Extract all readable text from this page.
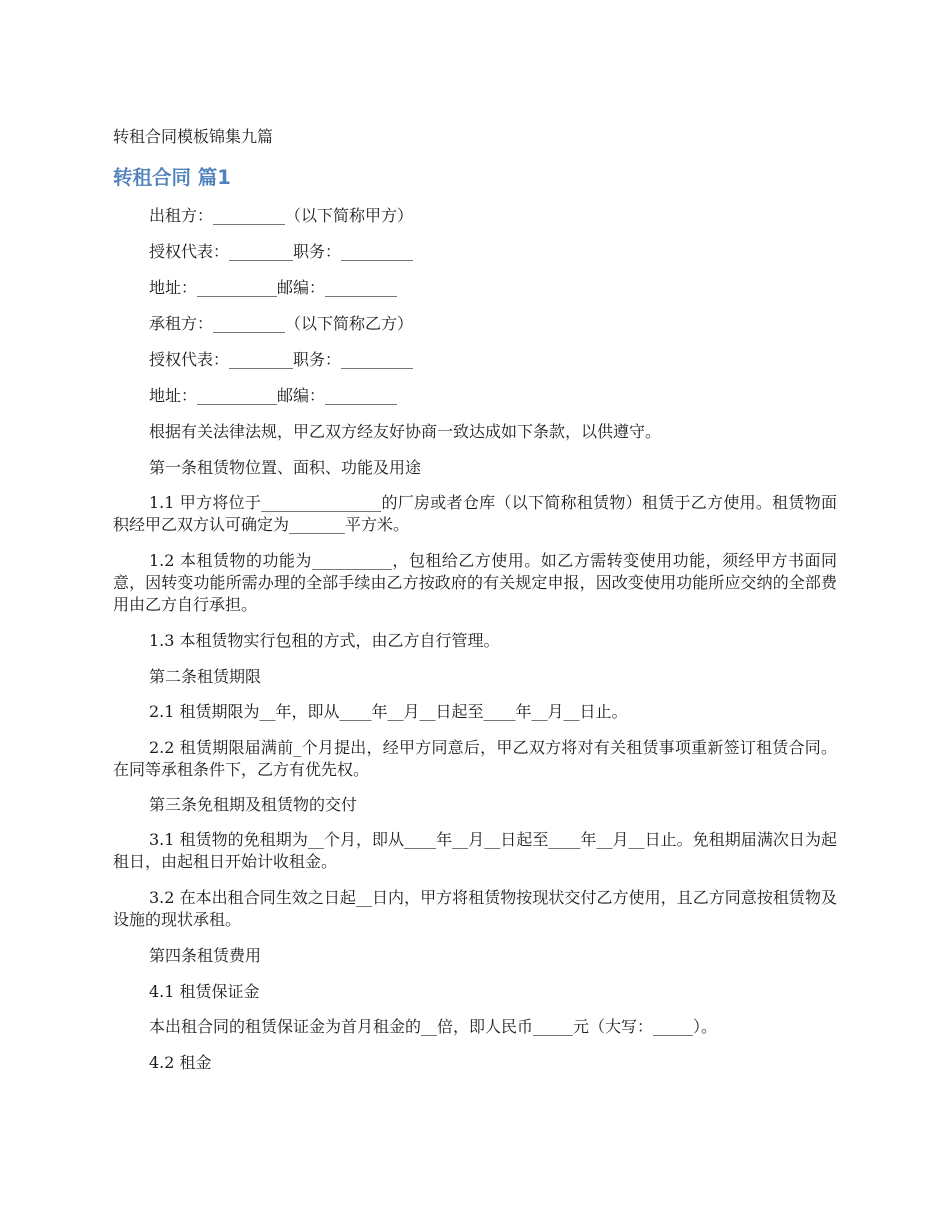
转租合同模板锦集九篇
转租合同 篇1
出租方：_________（以下简称甲方）
授权代表：________职务：_________
地址：__________邮编：_________
承租方：_________（以下简称乙方）
授权代表：________职务：_________
地址：__________邮编：_________
根据有关法律法规，甲乙双方经友好协商一致达成如下条款，以供遵守。
第一条租赁物位置、面积、功能及用途
1.1 甲方将位于_______________的厂房或者仓库（以下简称租赁物）租赁于乙方使用。租赁物面积经甲乙双方认可确定为_______平方米。
1.2 本租赁物的功能为__________，包租给乙方使用。如乙方需转变使用功能，须经甲方书面同意，因转变功能所需办理的全部手续由乙方按政府的有关规定申报，因改变使用功能所应交纳的全部费用由乙方自行承担。
1.3 本租赁物实行包租的方式，由乙方自行管理。
第二条租赁期限
2.1 租赁期限为__年，即从____年__月__日起至____年__月__日止。
2.2 租赁期限届满前_个月提出，经甲方同意后，甲乙双方将对有关租赁事项重新签订租赁合同。在同等承租条件下，乙方有优先权。
第三条免租期及租赁物的交付
3.1 租赁物的免租期为__个月，即从____年__月__日起至____年__月__日止。免租期届满次日为起租日，由起租日开始计收租金。
3.2 在本出租合同生效之日起__日内，甲方将租赁物按现状交付乙方使用，且乙方同意按租赁物及设施的现状承租。
第四条租赁费用
4.1 租赁保证金
本出租合同的租赁保证金为首月租金的__倍，即人民币_____元（大写：_____）。
4.2 租金
